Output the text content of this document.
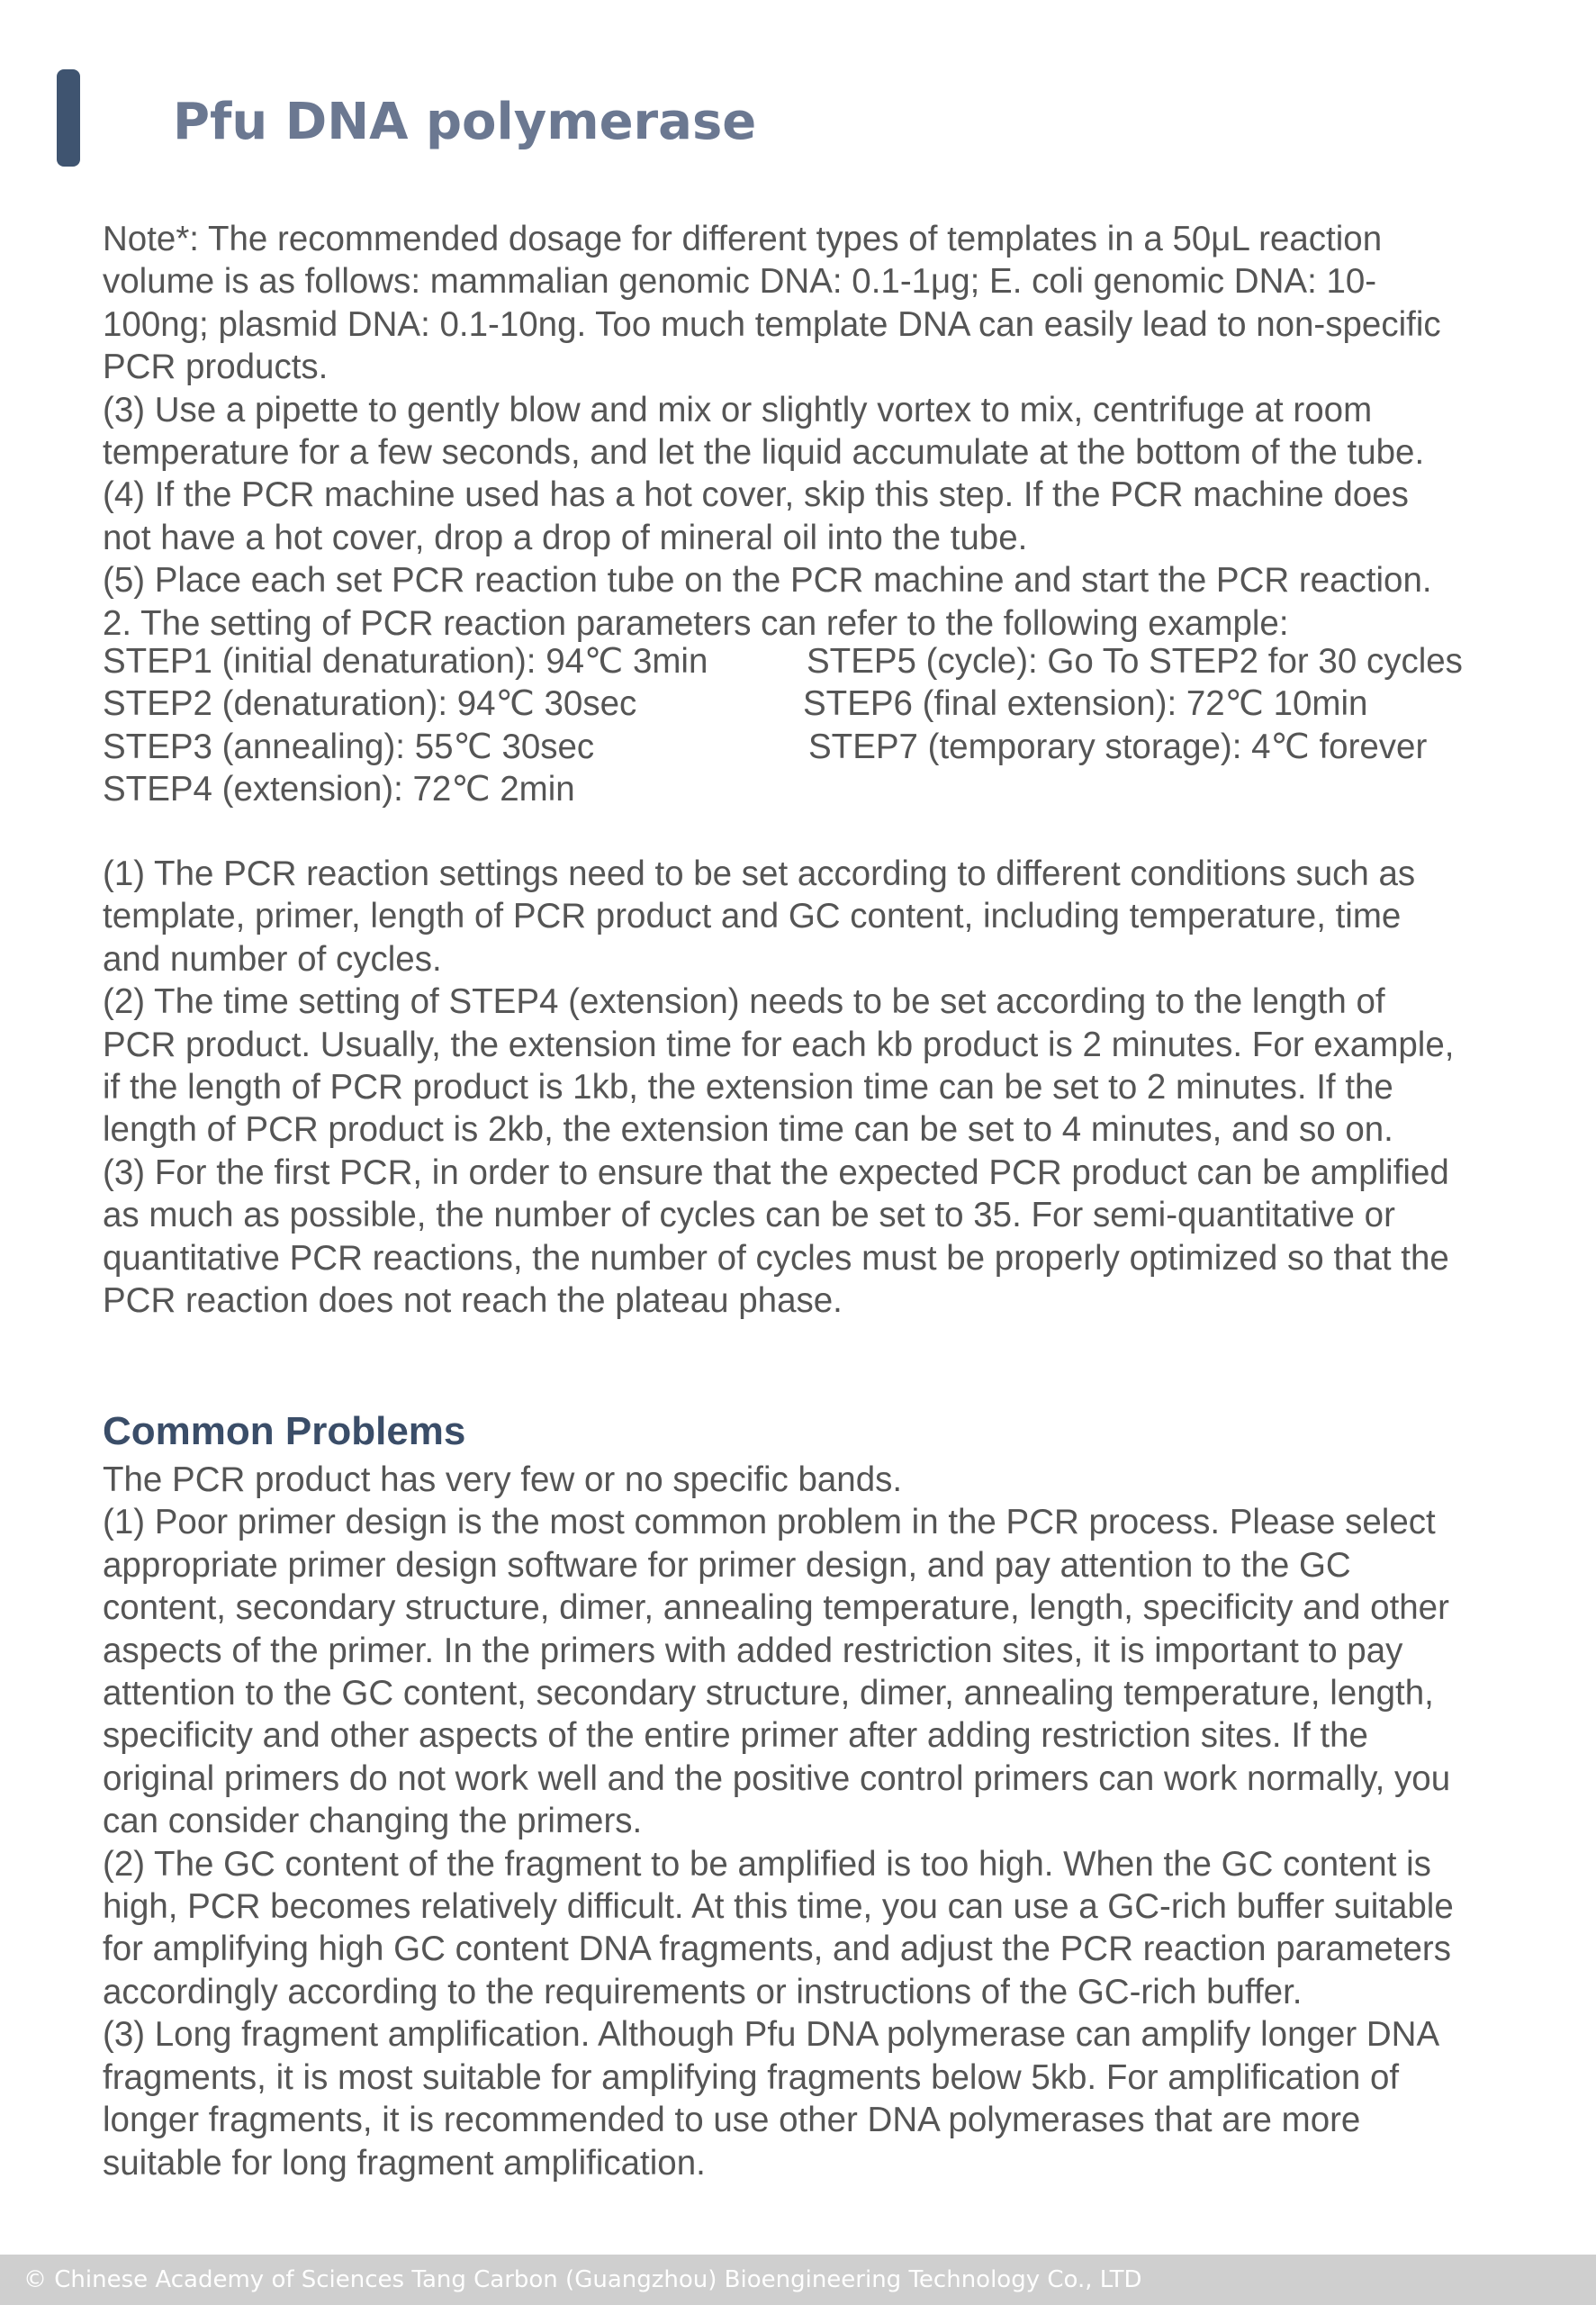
Pfu DNA polymerase
Note*: The recommended dosage for different types of templates in a 50μL reaction
volume is as follows: mammalian genomic DNA: 0.1-1μg; E. coli genomic DNA: 10-
100ng; plasmid DNA: 0.1-10ng. Too much template DNA can easily lead to non-specific
PCR products.
(3) Use a pipette to gently blow and mix or slightly vortex to mix, centrifuge at room
temperature for a few seconds, and let the liquid accumulate at the bottom of the tube.
(4) If the PCR machine used has a hot cover, skip this step. If the PCR machine does
not have a hot cover, drop a drop of mineral oil into the tube.
(5) Place each set PCR reaction tube on the PCR machine and start the PCR reaction.
2. The setting of PCR reaction parameters can refer to the following example:
STEP1 (initial denaturation): 94℃ 3min	STEP5 (cycle): Go To STEP2 for 30 cycles
STEP2 (denaturation): 94℃ 30sec	STEP6 (final extension): 72℃ 10min
STEP3 (annealing): 55℃ 30sec	STEP7 (temporary storage): 4℃ forever
STEP4 (extension): 72℃ 2min
(1) The PCR reaction settings need to be set according to different conditions such as
template, primer, length of PCR product and GC content, including temperature, time
and number of cycles.
(2) The time setting of STEP4 (extension) needs to be set according to the length of
PCR product. Usually, the extension time for each kb product is 2 minutes. For example,
if the length of PCR product is 1kb, the extension time can be set to 2 minutes. If the
length of PCR product is 2kb, the extension time can be set to 4 minutes, and so on.
(3) For the first PCR, in order to ensure that the expected PCR product can be amplified
as much as possible, the number of cycles can be set to 35. For semi-quantitative or
quantitative PCR reactions, the number of cycles must be properly optimized so that the
PCR reaction does not reach the plateau phase.
Common Problems
The PCR product has very few or no specific bands.
(1) Poor primer design is the most common problem in the PCR process. Please select
appropriate primer design software for primer design, and pay attention to the GC
content, secondary structure, dimer, annealing temperature, length, specificity and other
aspects of the primer. In the primers with added restriction sites, it is important to pay
attention to the GC content, secondary structure, dimer, annealing temperature, length,
specificity and other aspects of the entire primer after adding restriction sites. If the
original primers do not work well and the positive control primers can work normally, you
can consider changing the primers.
(2) The GC content of the fragment to be amplified is too high. When the GC content is
high, PCR becomes relatively difficult. At this time, you can use a GC-rich buffer suitable
for amplifying high GC content DNA fragments, and adjust the PCR reaction parameters
accordingly according to the requirements or instructions of the GC-rich buffer.
(3) Long fragment amplification. Although Pfu DNA polymerase can amplify longer DNA
fragments, it is most suitable for amplifying fragments below 5kb. For amplification of
longer fragments, it is recommended to use other DNA polymerases that are more
suitable for long fragment amplification.
© Chinese Academy of Sciences Tang Carbon (Guangzhou) Bioengineering Technology Co., LTD
